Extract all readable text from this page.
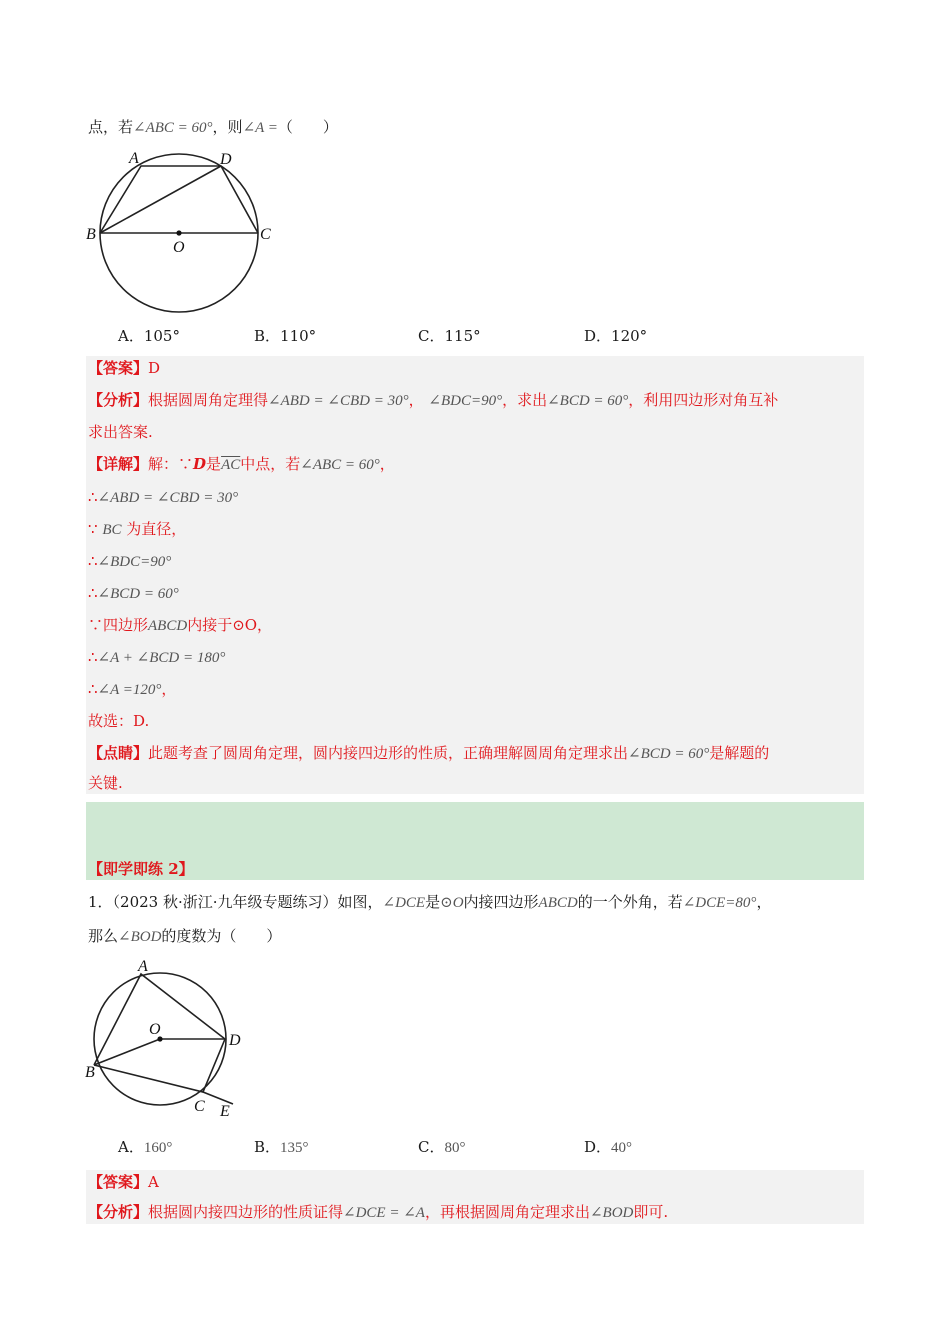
点，若∠ABC = 60°，则∠A =（　　）
A	D
B
O
C
A．105°	B．110°	C．115°	D．120°
【答案】D
【分析】根据圆周角定理得∠ABD = ∠CBD = 30°， ∠BDC=90°，求出∠BCD = 60°，利用四边形对角互补
求出答案.
【详解】解：∵D是$\overline{AC}$中点，若∠ABC = 60°，
∴∠ABD = ∠CBD = 30°
∵ BC 为直径，
∴∠BDC=90°
∴∠BCD = 60°
∵四边形ABCD内接于⊙O，
∴∠A + ∠BCD = 180°
∴∠A =120°，
故选：D.
【点睛】此题考查了圆周角定理，圆内接四边形的性质，正确理解圆周角定理求出∠BCD = 60°是解题的
关键.
【即学即练 2】
1．（2023 秋·浙江·九年级专题练习）如图，∠DCE是⊙O内接四边形ABCD的一个外角，若∠DCE=80°，
那么∠BOD的度数为（　　）
A
O
D
B
C E
A．160°	B．135°	C．80°	D．40°
【答案】A
【分析】根据圆内接四边形的性质证得∠DCE = ∠A，再根据圆周角定理求出∠BOD即可.
